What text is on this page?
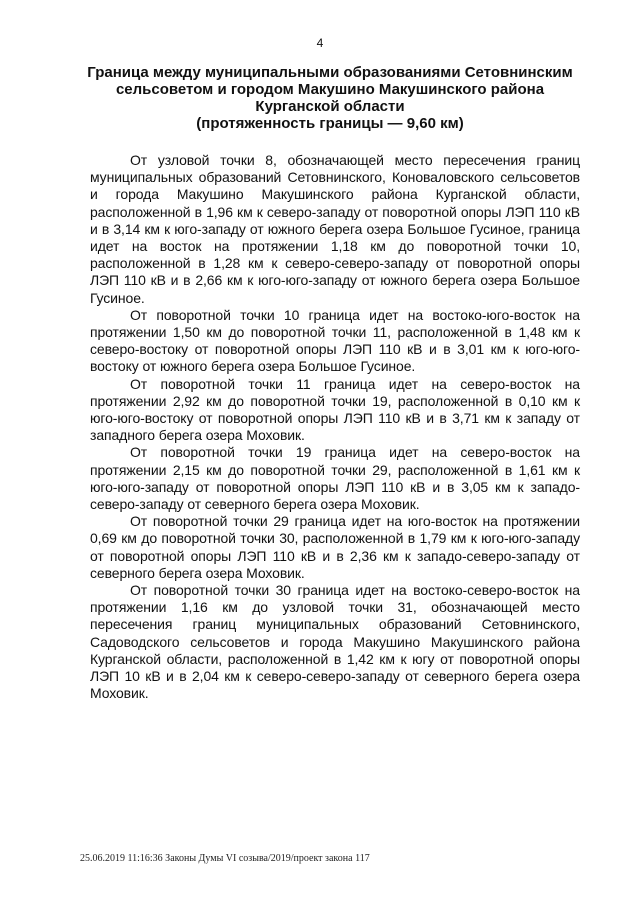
4
Граница между муниципальными образованиями Сетовнинским
сельсоветом и городом Макушино Макушинского района
Курганской области
(протяженность границы — 9,60 км)

От узловой точки 8, обозначающей место пересечения границ муниципальных образований Сетовнинского, Коноваловского сельсоветов и города Макушино Макушинского района Курганской области, расположенной в 1,96 км к северо-западу от поворотной опоры ЛЭП 110 кВ и в 3,14 км к юго-западу от южного берега озера Большое Гусиное, граница идет на восток на протяжении 1,18 км до поворотной точки 10, расположенной в 1,28 км к северо-северо-западу от поворотной опоры ЛЭП 110 кВ и в 2,66 км к юго-юго-западу от южного берега озера Большое Гусиное.

От поворотной точки 10 граница идет на востоко-юго-восток на протяжении 1,50 км до поворотной точки 11, расположенной в 1,48 км к северо-востоку от поворотной опоры ЛЭП 110 кВ и в 3,01 км к юго-юго-востоку от южного берега озера Большое Гусиное.

От поворотной точки 11 граница идет на северо-восток на протяжении 2,92 км до поворотной точки 19, расположенной в 0,10 км к юго-юго-востоку от поворотной опоры ЛЭП 110 кВ и в 3,71 км к западу от западного берега озера Моховик.

От поворотной точки 19 граница идет на северо-восток на протяжении 2,15 км до поворотной точки 29, расположенной в 1,61 км к юго-юго-западу от поворотной опоры ЛЭП 110 кВ и в 3,05 км к западо-северо-западу от северного берега озера Моховик.

От поворотной точки 29 граница идет на юго-восток на протяжении 0,69 км до поворотной точки 30, расположенной в 1,79 км к юго-юго-западу от поворотной опоры ЛЭП 110 кВ и в 2,36 км к западо-северо-западу от северного берега озера Моховик.

От поворотной точки 30 граница идет на востоко-северо-восток на протяжении 1,16 км до узловой точки 31, обозначающей место пересечения границ муниципальных образований Сетовнинского, Садоводского сельсоветов и города Макушино Макушинского района Курганской области, расположенной в 1,42 км к югу от поворотной опоры ЛЭП 10 кВ и в 2,04 км к северо-северо-западу от северного берега озера Моховик.

25.06.2019 11:16:36 Законы Думы VI созыва/2019/проект закона 117
